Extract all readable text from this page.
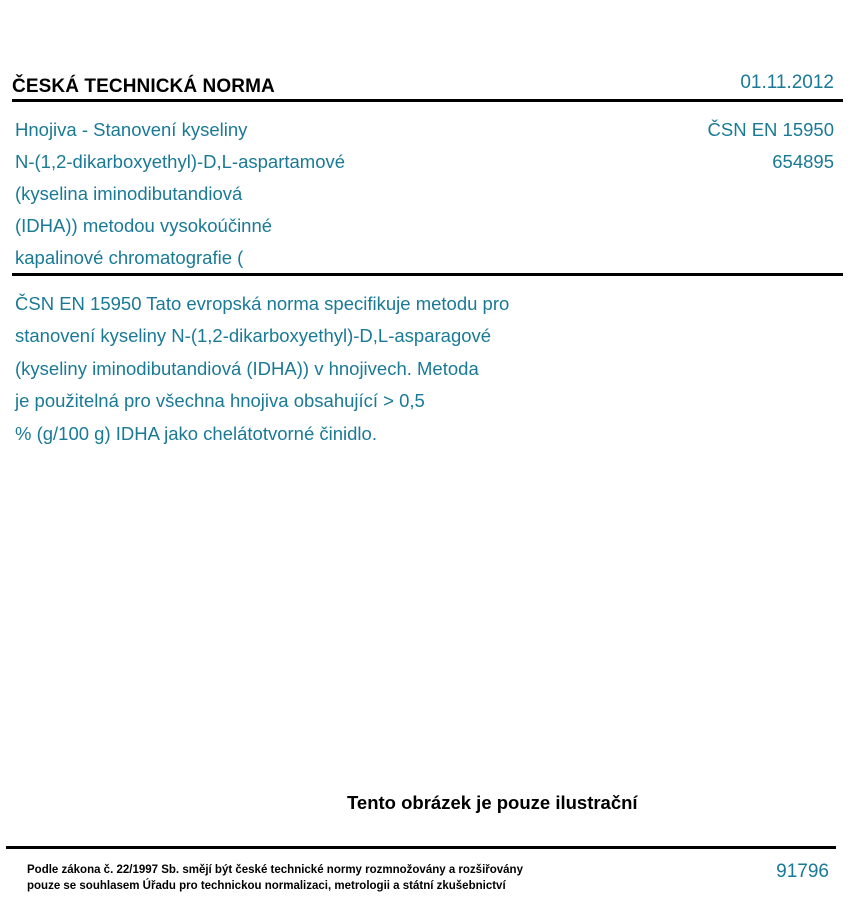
ČESKÁ TECHNICKÁ NORMA	01.11.2012
Hnojiva - Stanovení kyseliny
N-(1,2-dikarboxyethyl)-D,L-aspartamové
(kyselina iminodibutandiová
(IDHA)) metodou vysokoúčinné
kapalinové chromatografie (
ČSN EN 15950
654895
ČSN EN 15950 Tato evropská norma specifikuje metodu pro
stanovení kyseliny N-(1,2-dikarboxyethyl)-D,L-asparagové
(kyseliny iminodibutandiová (IDHA)) v hnojivech. Metoda
je použitelná pro všechna hnojiva obsahující > 0,5
% (g/100 g) IDHA jako chelátotvorné činidlo.
Tento obrázek je pouze ilustrační
Podle zákona č. 22/1997 Sb. smějí být české technické normy rozmnožovány a rozšiřovány
pouze se souhlasem Úřadu pro technickou normalizaci, metrologii a státní zkušebnictví
91796
